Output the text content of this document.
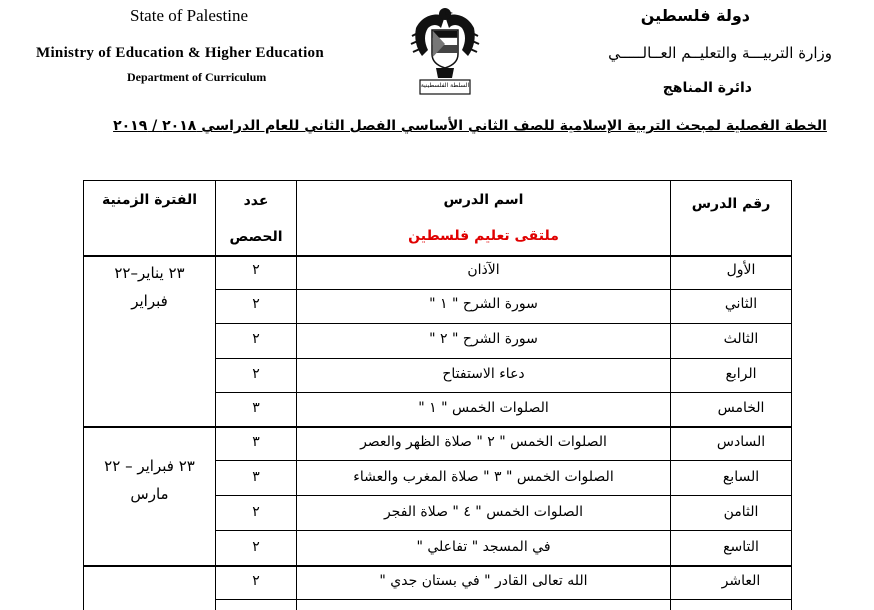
State of Palestine
Ministry of Education & Higher Education
Department of Curriculum
السلطة الفلسطينية
دولة فلسطين
وزارة التربيـــة والتعليــم العــالـــــي
دائرة المناهج
الخطة الفصلية لمبحث التربية الإسلامية للصف الثاني الأساسي الفصل الثاني للعام الدراسي ٢٠١٨ / ٢٠١٩
رقم الدرس
اسم الدرس
ملتقى تعليم فلسطين
عدد
الحصص
الفترة الزمنية
الأول
الآذان
٢
الثاني
سورة الشرح " ١ "
٢
الثالث
سورة الشرح " ٢ "
٢
الرابع
دعاء الاستفتاح
٢
الخامس
الصلوات الخمس " ١ "
٣
السادس
الصلوات الخمس " ٢ " صلاة الظهر والعصر
٣
السابع
الصلوات الخمس " ٣ " صلاة المغرب والعشاء
٣
الثامن
الصلوات الخمس " ٤ " صلاة الفجر
٢
التاسع
في المسجد " تفاعلي "
٢
العاشر
الله تعالى القادر " في بستان جدي "
٢
٢٣ يناير–٢٢
فبراير
٢٣ فبراير – ٢٢
مارس
